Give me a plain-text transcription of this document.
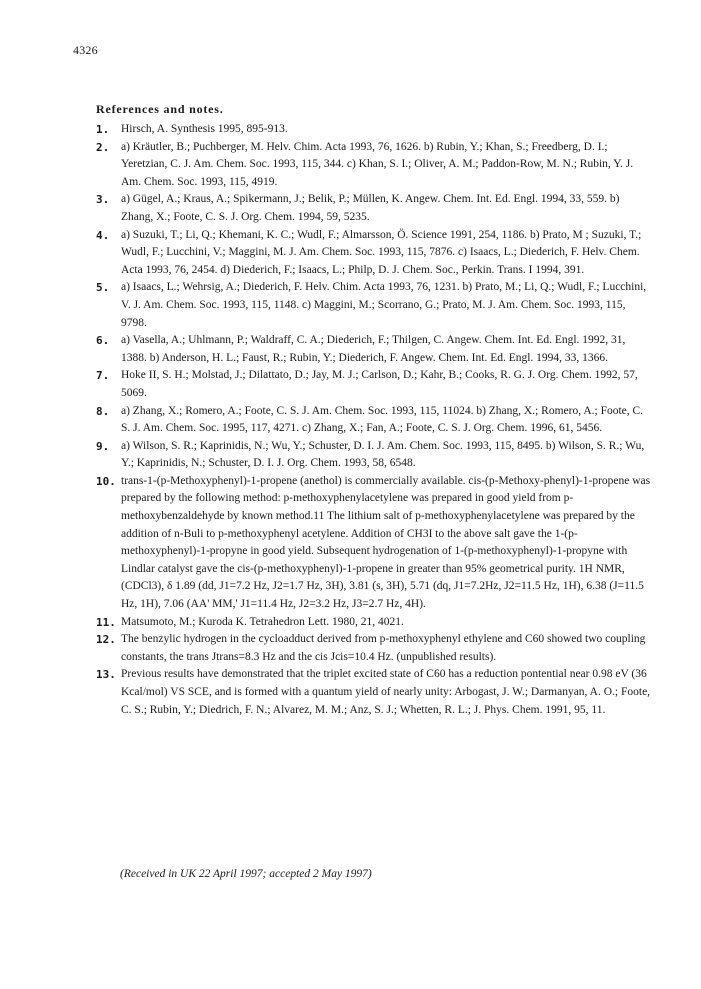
4326
References and notes.
1. Hirsch, A. Synthesis 1995, 895-913.
2. a) Kräutler, B.; Puchberger, M. Helv. Chim. Acta 1993, 76, 1626. b) Rubin, Y.; Khan, S.; Freedberg, D. I.; Yeretzian, C. J. Am. Chem. Soc. 1993, 115, 344. c) Khan, S. I.; Oliver, A. M.; Paddon-Row, M. N.; Rubin, Y. J. Am. Chem. Soc. 1993, 115, 4919.
3. a) Gügel, A.; Kraus, A.; Spikermann, J.; Belik, P.; Müllen, K. Angew. Chem. Int. Ed. Engl. 1994, 33, 559. b) Zhang, X.; Foote, C. S. J. Org. Chem. 1994, 59, 5235.
4. a) Suzuki, T.; Li, Q.; Khemani, K. C.; Wudl, F.; Almarsson, Ö. Science 1991, 254, 1186. b) Prato, M ; Suzuki, T.; Wudl, F.; Lucchini, V.; Maggini, M. J. Am. Chem. Soc. 1993, 115, 7876. c) Isaacs, L.; Diederich, F. Helv. Chem. Acta 1993, 76, 2454. d) Diederich, F.; Isaacs, L.; Philp, D. J. Chem. Soc., Perkin. Trans. I 1994, 391.
5. a) Isaacs, L.; Wehrsig, A.; Diederich, F. Helv. Chim. Acta 1993, 76, 1231. b) Prato, M.; Li, Q.; Wudl, F.; Lucchini, V. J. Am. Chem. Soc. 1993, 115, 1148. c) Maggini, M.; Scorrano, G.; Prato, M. J. Am. Chem. Soc. 1993, 115, 9798.
6. a) Vasella, A.; Uhlmann, P.; Waldraff, C. A.; Diederich, F.; Thilgen, C. Angew. Chem. Int. Ed. Engl. 1992, 31, 1388. b) Anderson, H. L.; Faust, R.; Rubin, Y.; Diederich, F. Angew. Chem. Int. Ed. Engl. 1994, 33, 1366.
7. Hoke II, S. H.; Molstad, J.; Dilattato, D.; Jay, M. J.; Carlson, D.; Kahr, B.; Cooks, R. G. J. Org. Chem. 1992, 57, 5069.
8. a) Zhang, X.; Romero, A.; Foote, C. S. J. Am. Chem. Soc. 1993, 115, 11024. b) Zhang, X.; Romero, A.; Foote, C. S. J. Am. Chem. Soc. 1995, 117, 4271. c) Zhang, X.; Fan, A.; Foote, C. S. J. Org. Chem. 1996, 61, 5456.
9. a) Wilson, S. R.; Kaprinidis, N.; Wu, Y.; Schuster, D. I. J. Am. Chem. Soc. 1993, 115, 8495. b) Wilson, S. R.; Wu, Y.; Kaprinidis, N.; Schuster, D. I. J. Org. Chem. 1993, 58, 6548.
10. trans-1-(p-Methoxyphenyl)-1-propene (anethol) is commercially available. cis-(p-Methoxy-phenyl)-1-propene was prepared by the following method: p-methoxyphenylacetylene was prepared in good yield from p-methoxybenzaldehyde by known method.11 The lithium salt of p-methoxyphenylacetylene was prepared by the addition of n-Buli to p-methoxyphenyl acetylene. Addition of CH3I to the above salt gave the 1-(p-methoxyphenyl)-1-propyne in good yield. Subsequent hydrogenation of 1-(p-methoxyphenyl)-1-propyne with Lindlar catalyst gave the cis-(p-methoxyphenyl)-1-propene in greater than 95% geometrical purity. 1H NMR, (CDCl3), δ 1.89 (dd, J1=7.2 Hz, J2=1.7 Hz, 3H), 3.81 (s, 3H), 5.71 (dq, J1=7.2Hz, J2=11.5 Hz, 1H), 6.38 (J=11.5 Hz, 1H), 7.06 (AA' MM,' J1=11.4 Hz, J2=3.2 Hz, J3=2.7 Hz, 4H).
11. Matsumoto, M.; Kuroda K. Tetrahedron Lett. 1980, 21, 4021.
12. The benzylic hydrogen in the cycloadduct derived from p-methoxyphenyl ethylene and C60 showed two coupling constants, the trans Jtrans=8.3 Hz and the cis Jcis=10.4 Hz. (unpublished results).
13. Previous results have demonstrated that the triplet excited state of C60 has a reduction pontential near 0.98 eV (36 Kcal/mol) VS SCE, and is formed with a quantum yield of nearly unity: Arbogast, J. W.; Darmanyan, A. O.; Foote, C. S.; Rubin, Y.; Diedrich, F. N.; Alvarez, M. M.; Anz, S. J.; Whetten, R. L.; J. Phys. Chem. 1991, 95, 11.
(Received in UK 22 April 1997; accepted 2 May 1997)
